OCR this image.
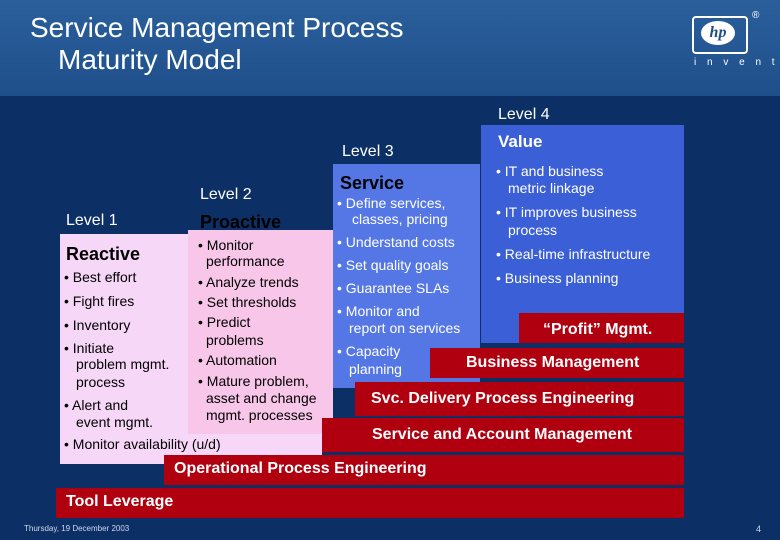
Service Management Process
Maturity Model
hp
®
i n v e n t
Level 1
Level 2
Level 3
Level 4
Reactive
Proactive
Service
Value
• Best effort
• Fight fires
• Inventory
• Initiate
problem mgmt.
process
• Alert and
event mgmt.
• Monitor availability (u/d)
• Monitor
performance
• Analyze trends
• Set thresholds
• Predict
problems
• Automation
• Mature problem,
asset and change
mgmt. processes
• Define services,
classes, pricing
• Understand costs
• Set quality goals
• Guarantee SLAs
• Monitor and
report on services
• Capacity
planning
• IT and business
metric linkage
• IT improves business
process
• Real-time infrastructure
• Business planning
“Profit” Mgmt.
Business Management
Svc. Delivery Process Engineering
Service and Account Management
Operational Process Engineering
Tool Leverage
Thursday, 19 December 2003	4
